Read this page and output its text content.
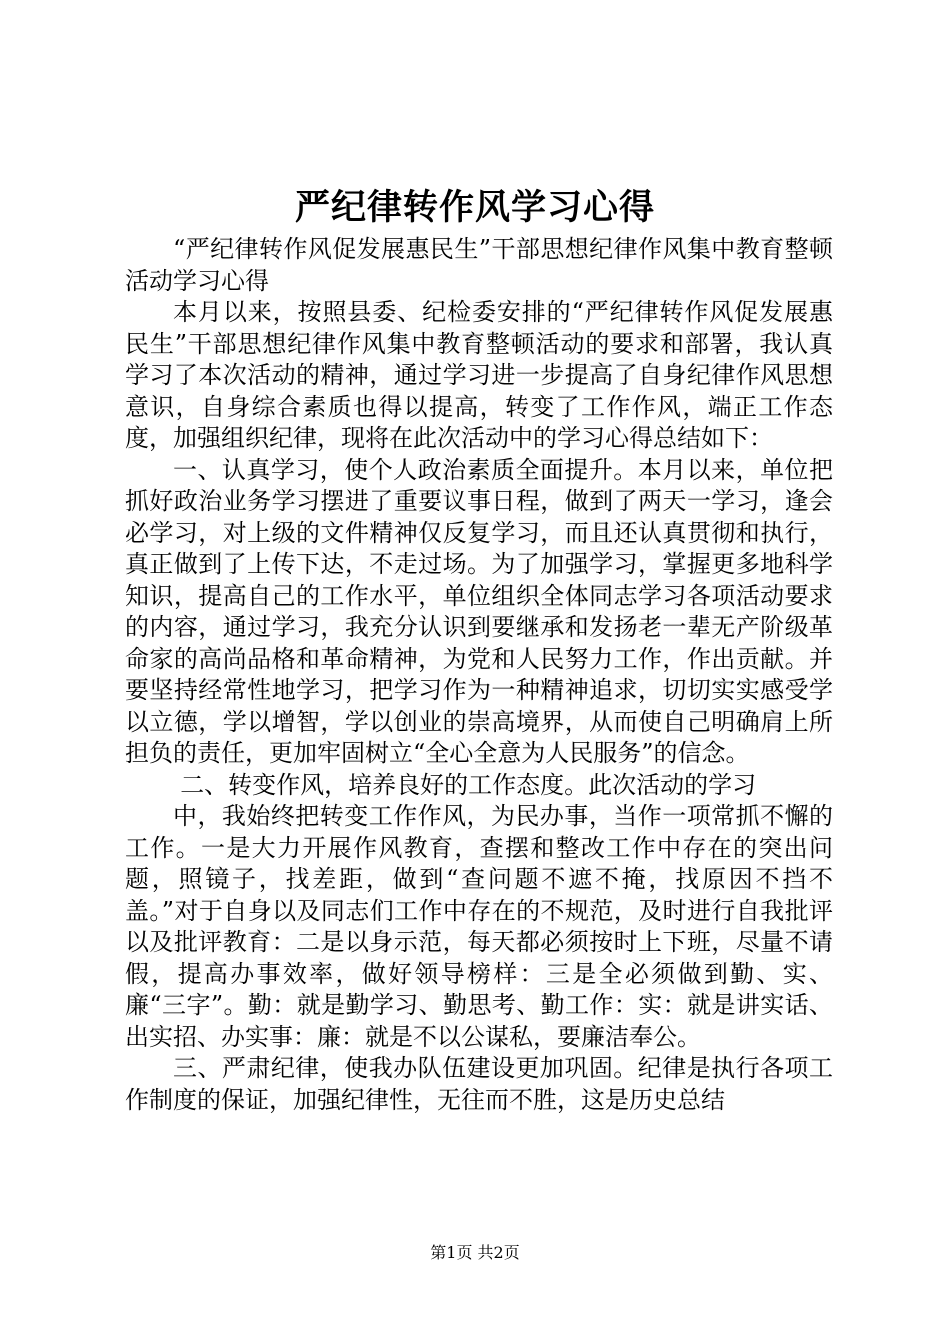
严纪律转作风学习心得

“严纪律转作风促发展惠民生”干部思想纪律作风集中教育整顿活动学习心得

本月以来，按照县委、纪检委安排的“严纪律转作风促发展惠民生”干部思想纪律作风集中教育整顿活动的要求和部署，我认真学习了本次活动的精神，通过学习进一步提高了自身纪律作风思想意识，自身综合素质也得以提高，转变了工作作风，端正工作态度，加强组织纪律，现将在此次活动中的学习心得总结如下：

一、认真学习，使个人政治素质全面提升。本月以来，单位把抓好政治业务学习摆进了重要议事日程，做到了两天一学习，逢会必学习，对上级的文件精神仅反复学习，而且还认真贯彻和执行，真正做到了上传下达，不走过场。为了加强学习，掌握更多地科学知识，提高自己的工作水平，单位组织全体同志学习各项活动要求的内容，通过学习，我充分认识到要继承和发扬老一辈无产阶级革命家的高尚品格和革命精神，为党和人民努力工作，作出贡献。并要坚持经常性地学习，把学习作为一种精神追求，切切实实感受学以立德，学以增智，学以创业的崇高境界，从而使自己明确肩上所担负的责任，更加牢固树立“全心全意为人民服务”的信念。

二、转变作风，培养良好的工作态度。此次活动的学习

中，我始终把转变工作作风，为民办事，当作一项常抓不懈的工作。一是大力开展作风教育，查摆和整改工作中存在的突出问题，照镜子，找差距，做到“查问题不遮不掩，找原因不挡不盖。”对于自身以及同志们工作中存在的不规范，及时进行自我批评以及批评教育：二是以身示范，每天都必须按时上下班，尽量不请假，提高办事效率，做好领导榜样：三是全必须做到勤、实、廉“三字”。勤：就是勤学习、勤思考、勤工作：实：就是讲实话、出实招、办实事：廉：就是不以公谋私，要廉洁奉公。

三、严肃纪律，使我办队伍建设更加巩固。纪律是执行各项工作制度的保证，加强纪律性，无往而不胜，这是历史总结

第1页 共2页
